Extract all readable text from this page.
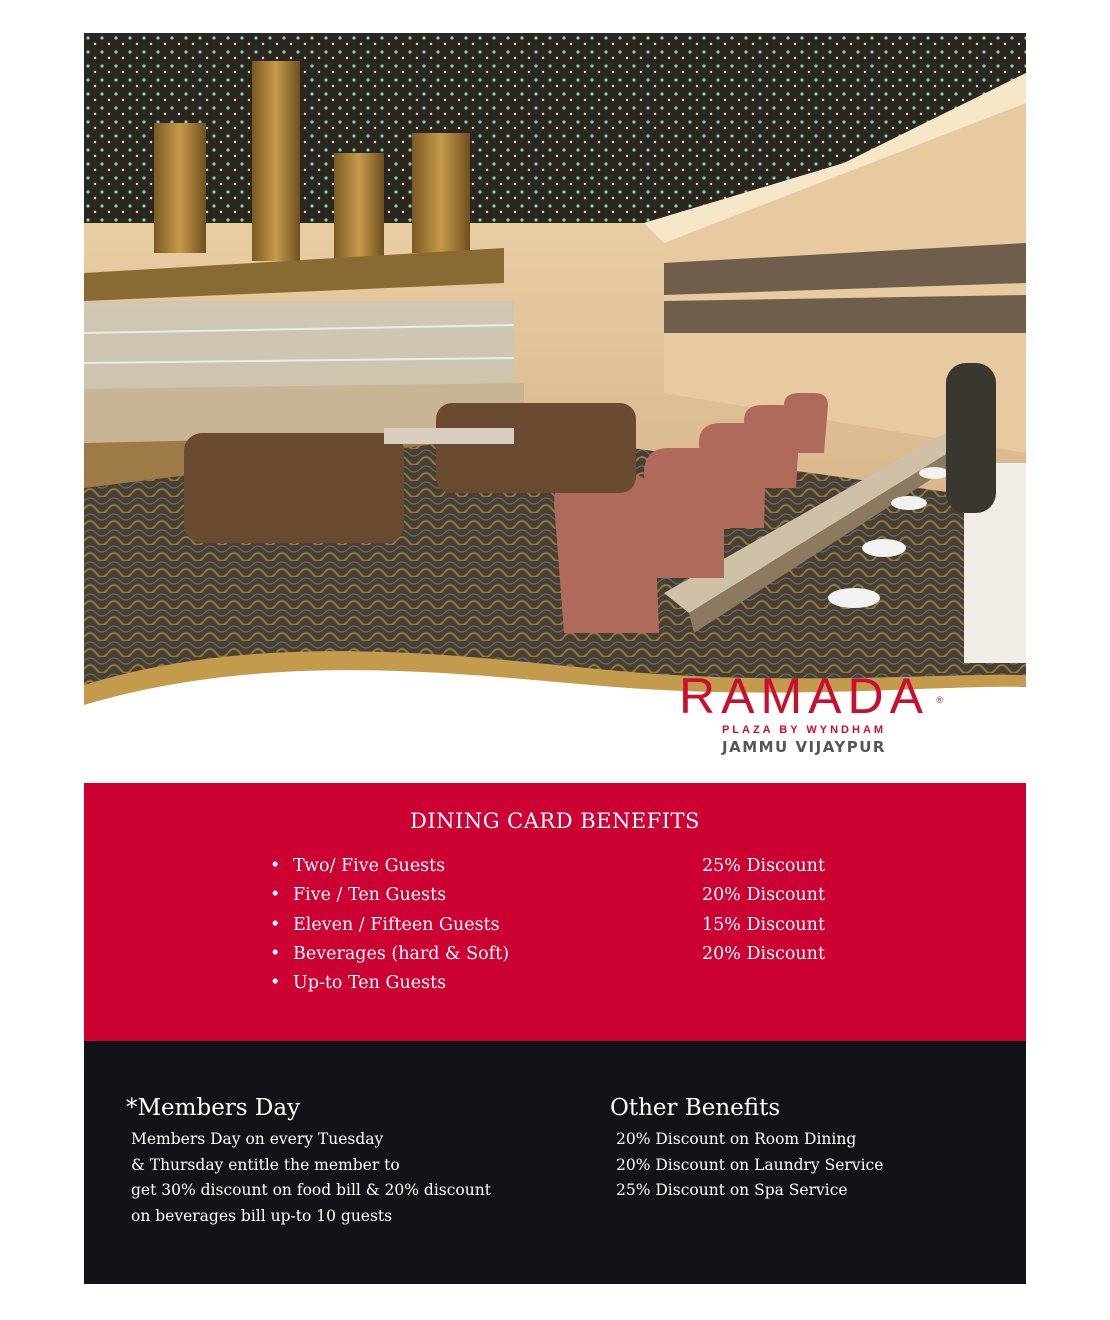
RAMADA ®
PLAZA BY WYNDHAM
JAMMU VIJAYPUR
DINING CARD BENEFITS
• Two/ Five Guests	25% Discount
• Five / Ten Guests	20% Discount
• Eleven / Fifteen Guests	15% Discount
• Beverages (hard & Soft)	20% Discount
• Up-to Ten Guests
*Members Day
Members Day on every Tuesday
& Thursday entitle the member to
get 30% discount on food bill & 20% discount
on beverages bill up-to 10 guests
Other Benefits
20% Discount on Room Dining
20% Discount on Laundry Service
25% Discount on Spa Service
